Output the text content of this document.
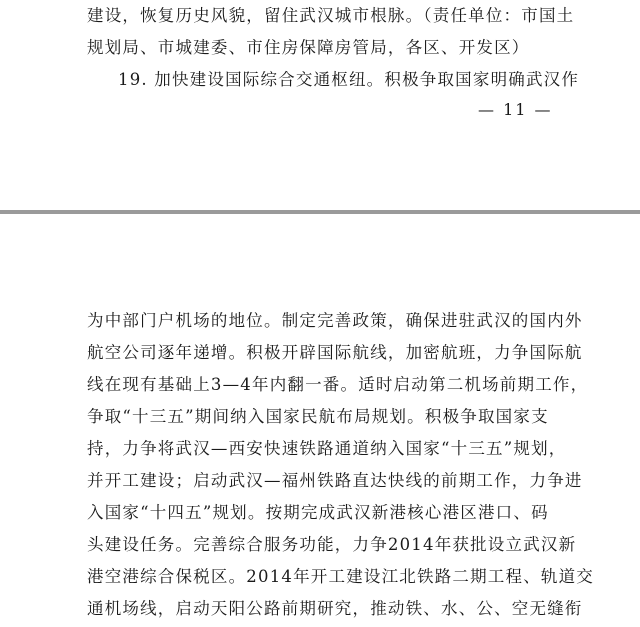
建设，恢复历史风貌，留住武汉城市根脉。（责任单位：市国土
规划局、市城建委、市住房保障房管局，各区、开发区）
19. 加快建设国际综合交通枢纽。积极争取国家明确武汉作
— 11 —
为中部门户机场的地位。制定完善政策，确保进驻武汉的国内外
航空公司逐年递增。积极开辟国际航线，加密航班，力争国际航
线在现有基础上3—4年内翻一番。适时启动第二机场前期工作，
争取“十三五”期间纳入国家民航布局规划。积极争取国家支
持，力争将武汉—西安快速铁路通道纳入国家“十三五”规划，
并开工建设；启动武汉—福州铁路直达快线的前期工作，力争进
入国家“十四五”规划。按期完成武汉新港核心港区港口、码
头建设任务。完善综合服务功能，力争2014年获批设立武汉新
港空港综合保税区。2014年开工建设江北铁路二期工程、轨道交
通机场线，启动天阳公路前期研究，推动铁、水、公、空无缝衔
